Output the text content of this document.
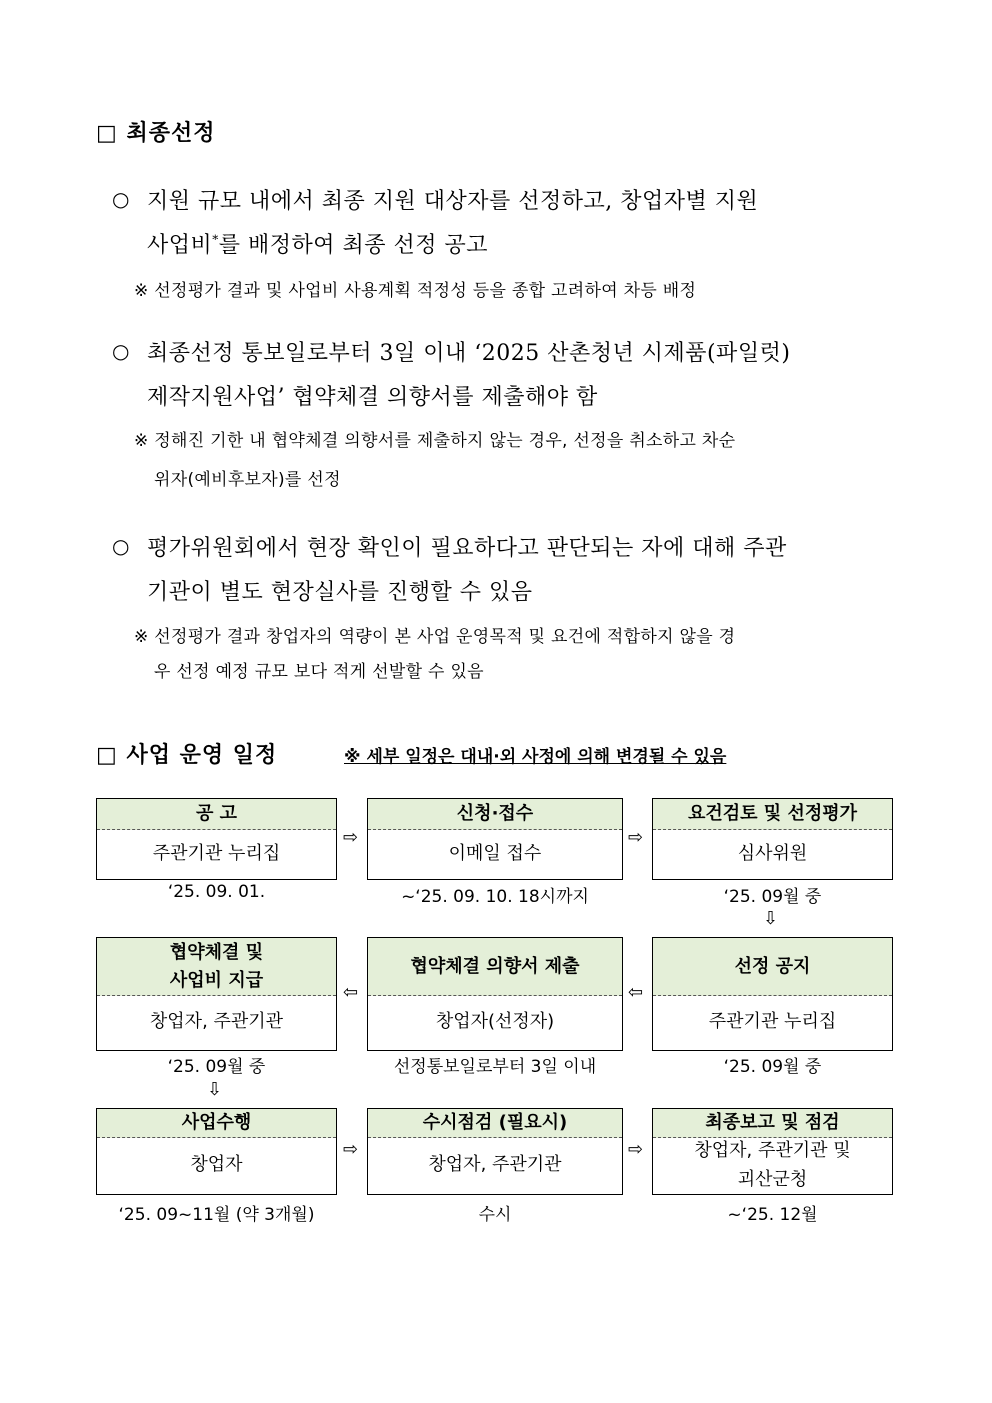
□ 최종선정
○ 지원 규모 내에서 최종 지원 대상자를 선정하고, 창업자별 지원
사업비*를 배정하여 최종 선정 공고
※ 선정평가 결과 및 사업비 사용계획 적정성 등을 종합 고려하여 차등 배정
○ 최종선정 통보일로부터 3일 이내 ‘2025 산촌청년 시제품(파일럿)
제작지원사업’ 협약체결 의향서를 제출해야 함
※ 정해진 기한 내 협약체결 의향서를 제출하지 않는 경우, 선정을 취소하고 차순
위자(예비후보자)를 선정
○ 평가위원회에서 현장 확인이 필요하다고 판단되는 자에 대해 주관
기관이 별도 현장실사를 진행할 수 있음
※ 선정평가 결과 창업자의 역량이 본 사업 운영목적 및 요건에 적합하지 않을 경
우 선정 예정 규모 보다 적게 선발할 수 있음
□ 사업 운영 일정	※ 세부 일정은 대내·외 사정에 의해 변경될 수 있음
공 고
주관기관 누리집
‘25. 09. 01.
⇨
신청·접수
이메일 접수
~‘25. 09. 10. 18시까지
⇨
요건검토 및 선정평가
심사위원
‘25. 09월 중
⇩
협약체결 및
사업비 지급
창업자, 주관기관
‘25. 09월 중
⇦
협약체결 의향서 제출
창업자(선정자)
선정통보일로부터 3일 이내
⇦
선정 공지
주관기관 누리집
‘25. 09월 중
⇩
사업수행
창업자
‘25. 09~11월 (약 3개월)
⇨
수시점검 (필요시)
창업자, 주관기관
수시
⇨
최종보고 및 점검
창업자, 주관기관 및
괴산군청
~‘25. 12월
